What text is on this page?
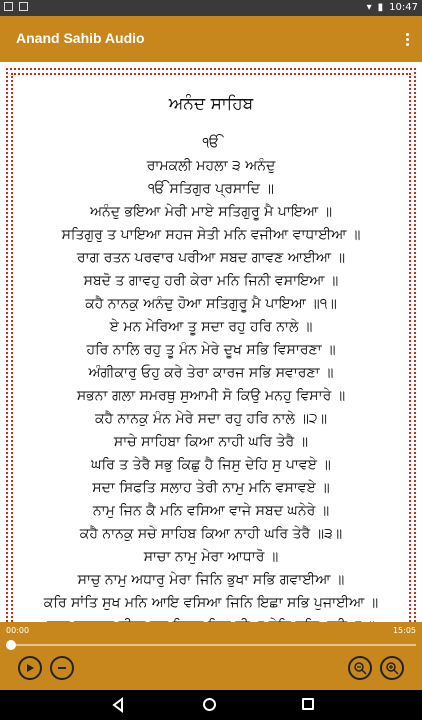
▾ ▮ 10:47
Anand Sahib Audio
ਅਨੰਦ ਸਾਹਿਬ
ੴ
ਰਾਮਕਲੀ ਮਹਲਾ ੩ ਅਨੰਦੁ
ੴ ਸਤਿਗੁਰ ਪ੍ਰਸਾਦਿ ॥
ਅਨੰਦੁ ਭਇਆ ਮੇਰੀ ਮਾਏ ਸਤਿਗੁਰੂ ਮੈ ਪਾਇਆ ॥
ਸਤਿਗੁਰੁ ਤ ਪਾਇਆ ਸਹਜ ਸੇਤੀ ਮਨਿ ਵਜੀਆ ਵਾਧਾਈਆ ॥
ਰਾਗ ਰਤਨ ਪਰਵਾਰ ਪਰੀਆ ਸਬਦ ਗਾਵਣ ਆਈਆ ॥
ਸਬਦੋ ਤ ਗਾਵਹੁ ਹਰੀ ਕੇਰਾ ਮਨਿ ਜਿਨੀ ਵਸਾਇਆ ॥
ਕਹੈ ਨਾਨਕੁ ਅਨੰਦੁ ਹੋਆ ਸਤਿਗੁਰੂ ਮੈ ਪਾਇਆ ॥੧॥
ਏ ਮਨ ਮੇਰਿਆ ਤੂ ਸਦਾ ਰਹੁ ਹਰਿ ਨਾਲੇ ॥
ਹਰਿ ਨਾਲਿ ਰਹੁ ਤੂ ਮੰਨ ਮੇਰੇ ਦੂਖ ਸਭਿ ਵਿਸਾਰਣਾ ॥
ਅੰਗੀਕਾਰੁ ਓਹੁ ਕਰੇ ਤੇਰਾ ਕਾਰਜ ਸਭਿ ਸਵਾਰਣਾ ॥
ਸਭਨਾ ਗਲਾ ਸਮਰਥੁ ਸੁਆਮੀ ਸੋ ਕਿਉ ਮਨਹੁ ਵਿਸਾਰੇ ॥
ਕਹੈ ਨਾਨਕੁ ਮੰਨ ਮੇਰੇ ਸਦਾ ਰਹੁ ਹਰਿ ਨਾਲੇ ॥੨॥
ਸਾਚੇ ਸਾਹਿਬਾ ਕਿਆ ਨਾਹੀ ਘਰਿ ਤੇਰੈ ॥
ਘਰਿ ਤ ਤੇਰੈ ਸਭੁ ਕਿਛੁ ਹੈ ਜਿਸੁ ਦੇਹਿ ਸੁ ਪਾਵਏ ॥
ਸਦਾ ਸਿਫਤਿ ਸਲਾਹ ਤੇਰੀ ਨਾਮੁ ਮਨਿ ਵਸਾਵਏ ॥
ਨਾਮੁ ਜਿਨ ਕੈ ਮਨਿ ਵਸਿਆ ਵਾਜੇ ਸਬਦ ਘਨੇਰੇ ॥
ਕਹੈ ਨਾਨਕੁ ਸਚੇ ਸਾਹਿਬ ਕਿਆ ਨਾਹੀ ਘਰਿ ਤੇਰੈ ॥੩॥
ਸਾਚਾ ਨਾਮੁ ਮੇਰਾ ਆਧਾਰੋ ॥
ਸਾਚੁ ਨਾਮੁ ਅਧਾਰੁ ਮੇਰਾ ਜਿਨਿ ਭੁਖਾ ਸਭਿ ਗਵਾਈਆ ॥
ਕਰਿ ਸਾਂਤਿ ਸੁਖ ਮਨਿ ਆਇ ਵਸਿਆ ਜਿਨਿ ਇਛਾ ਸਭਿ ਪੁਜਾਈਆ ॥
00:00	15:05
